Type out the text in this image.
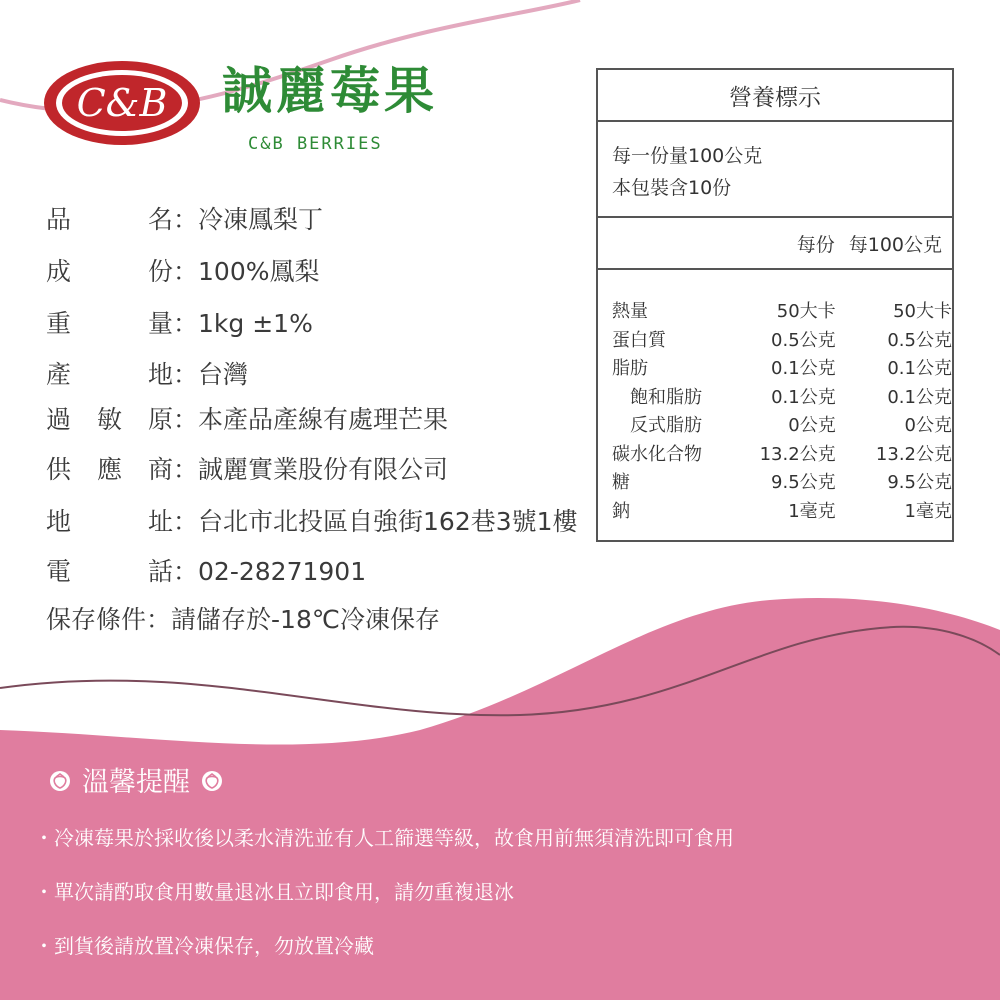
C&B 誠麗莓果
C&B BERRIES
品	名 ： 冷凍鳳梨丁
成	份 ： 100%鳳梨
重	量 ： 1kg ±1%
產	地 ： 台灣
過 敏 原 ： 本產品產線有處理芒果
供 應 商 ： 誠麗實業股份有限公司
地	址 ： 台北市北投區自強街162巷3號1樓
電	話 ： 02-28271901
保存條件 ： 請儲存於-18℃冷凍保存
營養標示
每一份量100公克
本包裝含10份
每份 每100公克
熱量	50大卡	50大卡
蛋白質	0.5公克	0.5公克
脂肪	0.1公克	0.1公克
飽和脂肪	0.1公克	0.1公克
反式脂肪	0公克	0公克
碳水化合物	13.2公克	13.2公克
糖	9.5公克	9.5公克
鈉	1毫克	1毫克
溫馨提醒
・冷凍莓果於採收後以柔水清洗並有人工篩選等級，故食用前無須清洗即可食用
・單次請酌取食用數量退冰且立即食用，請勿重複退冰
・到貨後請放置冷凍保存，勿放置冷藏
